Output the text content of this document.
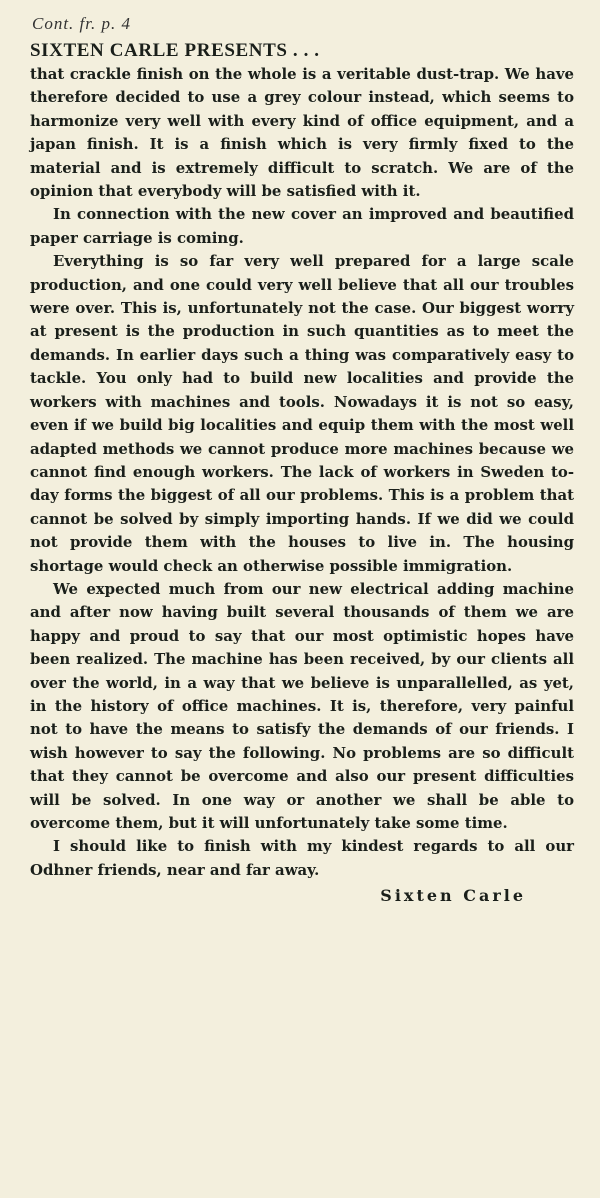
Cont. fr. p. 4
SIXTEN CARLE PRESENTS . . .

that crackle finish on the whole is a veritable dust-trap. We have therefore decided to use a grey colour instead, which seems to harmonize very well with every kind of office equipment, and a japan finish. It is a finish which is very firmly fixed to the material and is extremely difficult to scratch. We are of the opinion that everybody will be satisfied with it.

In connection with the new cover an improved and beautified paper carriage is coming.

Everything is so far very well prepared for a large scale production, and one could very well believe that all our troubles were over. This is, unfortunately not the case. Our biggest worry at present is the production in such quantities as to meet the demands. In earlier days such a thing was comparatively easy to tackle. You only had to build new localities and provide the workers with machines and tools. Nowadays it is not so easy, even if we build big localities and equip them with the most well adapted methods we cannot produce more machines because we cannot find enough workers. The lack of workers in Sweden to-day forms the biggest of all our problems. This is a problem that cannot be solved by simply importing hands. If we did we could not provide them with the houses to live in. The housing shortage would check an otherwise possible immigration.

We expected much from our new electrical adding machine and after now having built several thousands of them we are happy and proud to say that our most optimistic hopes have been realized. The machine has been received, by our clients all over the world, in a way that we believe is unparallelled, as yet, in the history of office machines. It is, therefore, very painful not to have the means to satisfy the demands of our friends. I wish however to say the following. No problems are so difficult that they cannot be overcome and also our present difficulties will be solved. In one way or another we shall be able to overcome them, but it will unfortunately take some time.

I should like to finish with my kindest regards to all our Odhner friends, near and far away.

Sixten Carle
